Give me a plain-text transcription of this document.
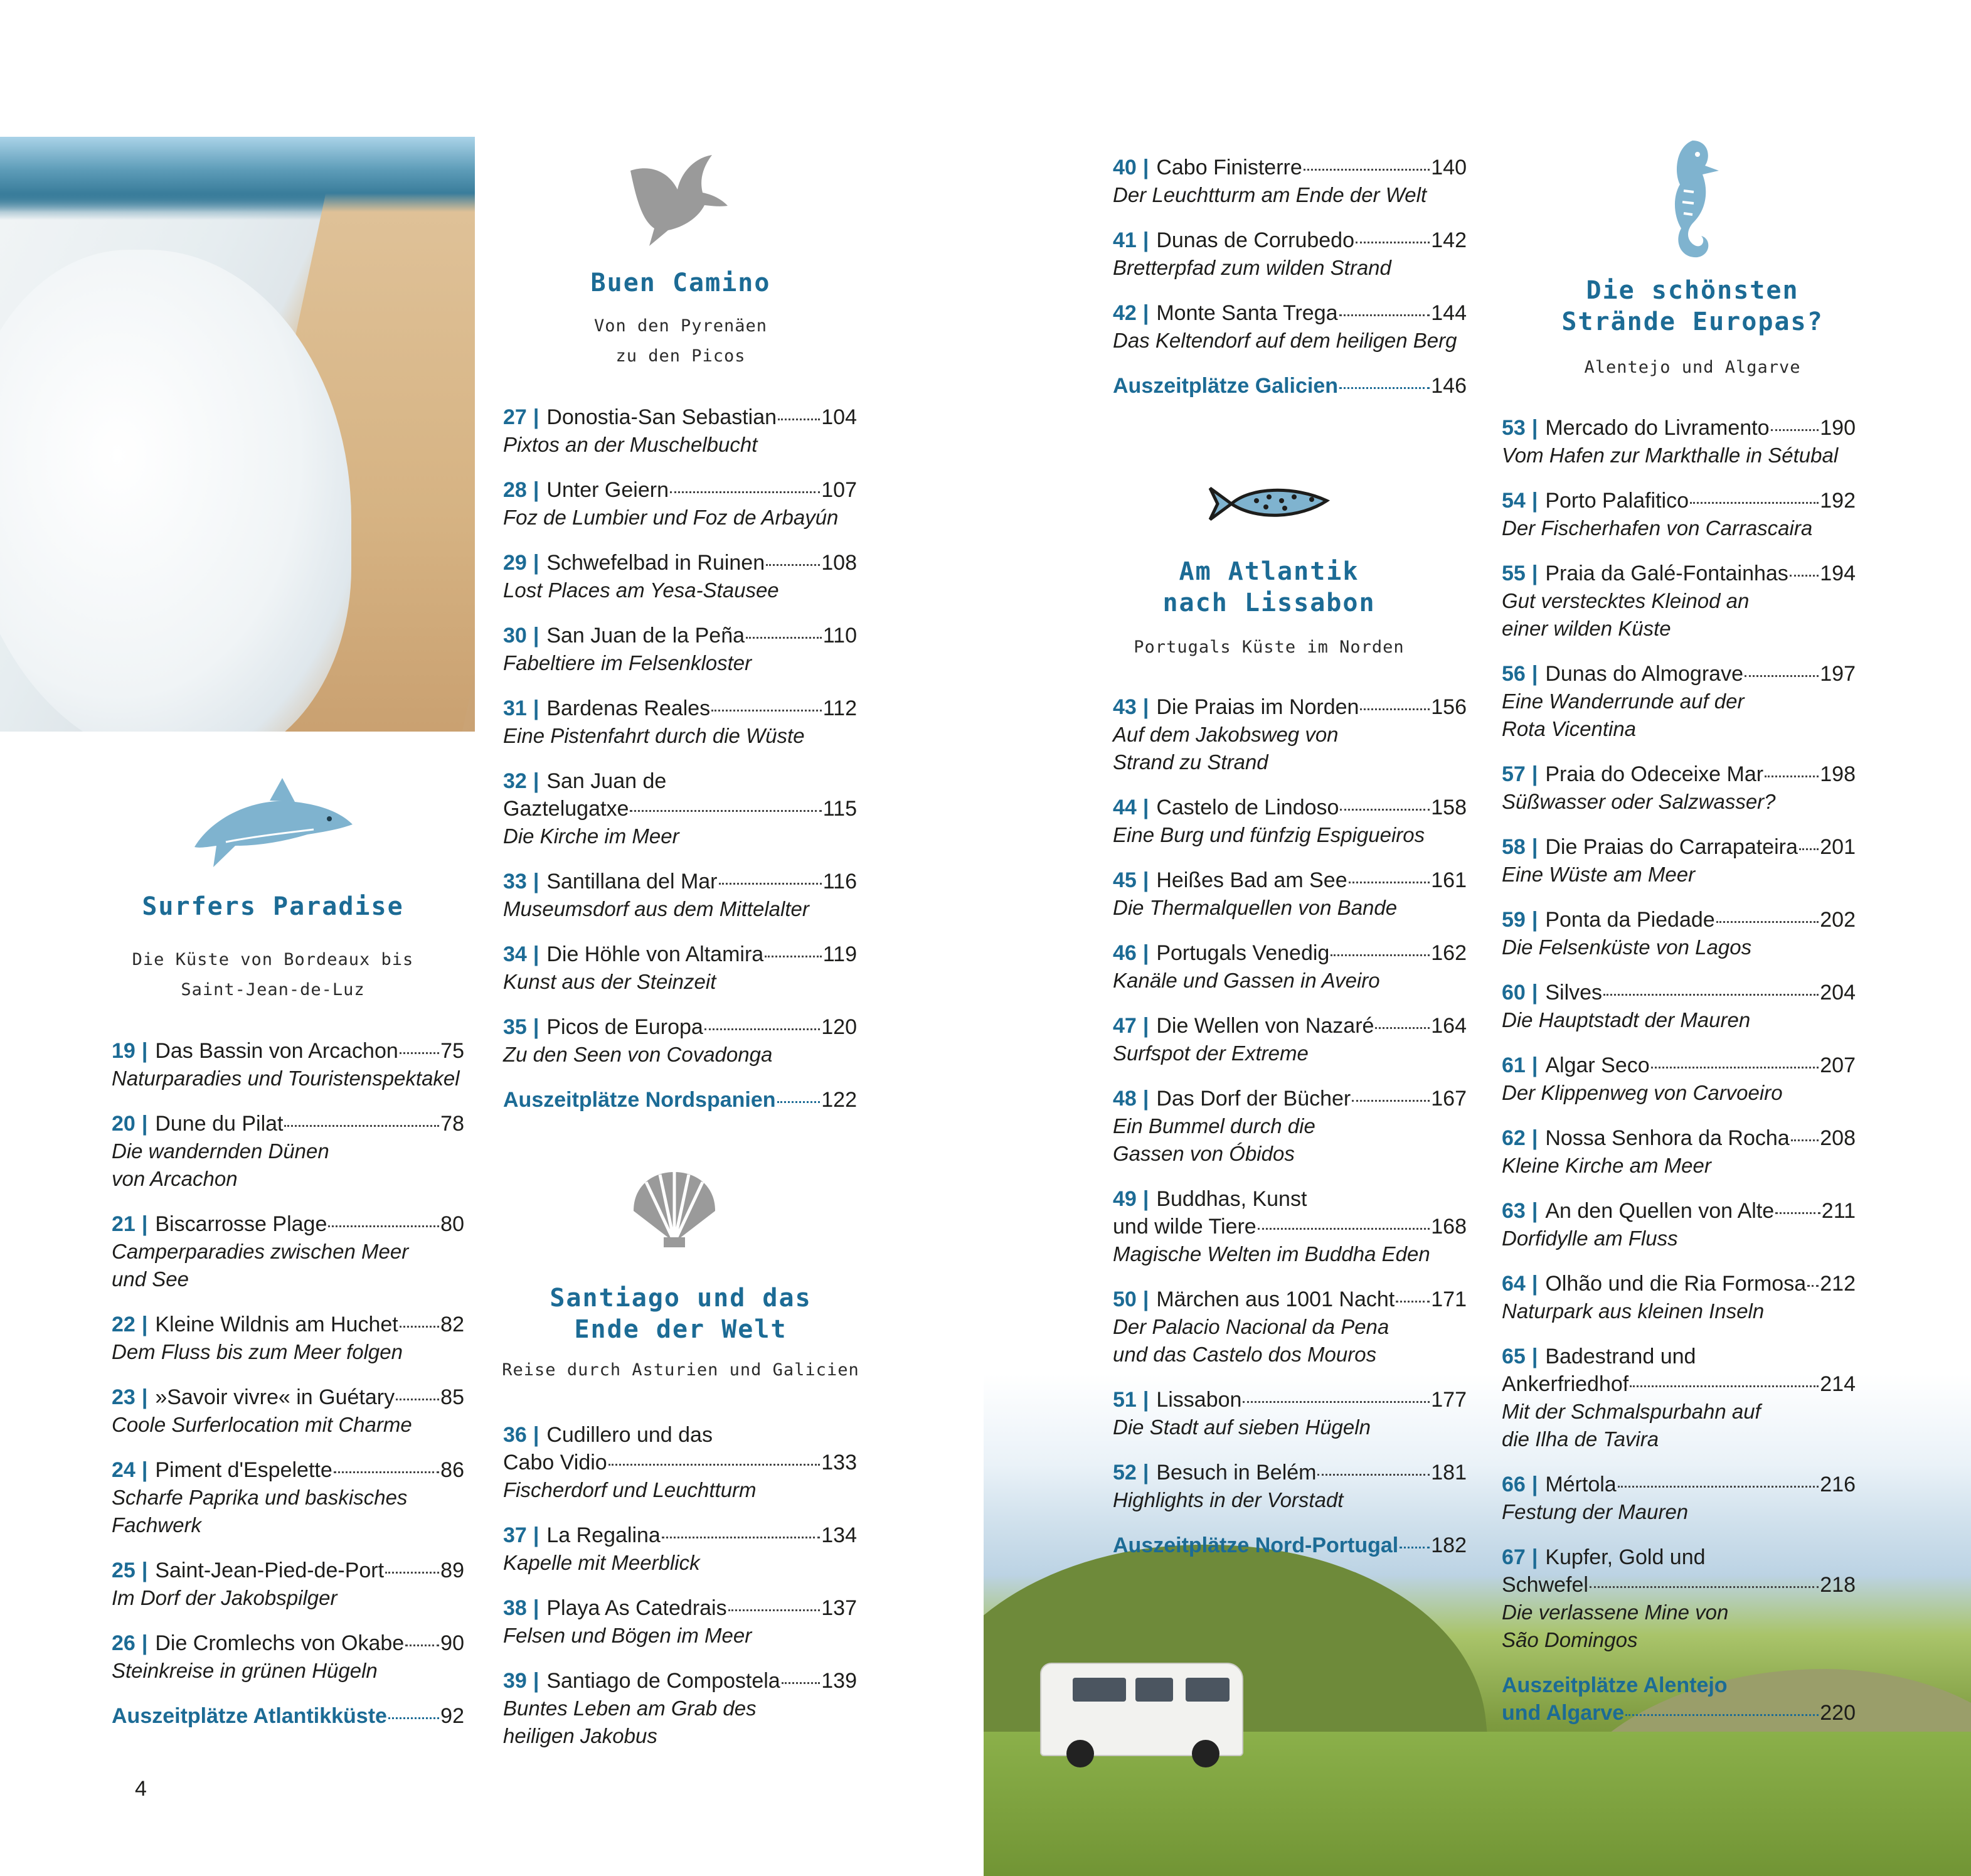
Surfers Paradise
Die Küste von Bordeaux bis
Saint-Jean-de-Luz
19 | Das Bassin von Arcachon 75
Naturparadies und Touristenspektakel
20 | Dune du Pilat	78
Die wandernden Dünen
von Arcachon
21 | Biscarrosse Plage	80
Camperparadies zwischen Meer
und See
22 | Kleine Wildnis am Huchet 82
Dem Fluss bis zum Meer folgen
23 | »Savoir vivre« in Guétary 85
Coole Surferlocation mit Charme
24 | Piment d'Espelette	86
Scharfe Paprika und baskisches
Fachwerk
25 | Saint-Jean-Pied-de-Port	89
Im Dorf der Jakobspilger
26 | Die Cromlechs von Okabe 90
Steinkreise in grünen Hügeln
Auszeitplätze Atlantikküste	92
Buen Camino
Von den Pyrenäen
zu den Picos
27 | Donostia-San Sebastian 104
Pixtos an der Muschelbucht
28 | Unter Geiern	107
Foz de Lumbier und Foz de Arbayún
29 | Schwefelbad in Ruinen	108
Lost Places am Yesa-Stausee
30 | San Juan de la Peña	110
Fabeltiere im Felsenkloster
31 | Bardenas Reales	112
Eine Pistenfahrt durch die Wüste
32 | San Juan de
Gaztelugatxe	115
Die Kirche im Meer
33 | Santillana del Mar	116
Museumsdorf aus dem Mittelalter
34 | Die Höhle von Altamira	119
Kunst aus der Steinzeit
35 | Picos de Europa	120
Zu den Seen von Covadonga
Auszeitplätze Nordspanien 122
Santiago und das
Ende der Welt
Reise durch Asturien und Galicien
36 | Cudillero und das
Cabo Vidio	133
Fischerdorf und Leuchtturm
37 | La Regalina	134
Kapelle mit Meerblick
38 | Playa As Catedrais	137
Felsen und Bögen im Meer
39 | Santiago de Compostela 139
Buntes Leben am Grab des
heiligen Jakobus
4
40 | Cabo Finisterre	140
Der Leuchtturm am Ende der Welt
41 | Dunas de Corrubedo	142
Bretterpfad zum wilden Strand
42 | Monte Santa Trega	144
Das Keltendorf auf dem heiligen Berg
Auszeitplätze Galicien	146
Am Atlantik
nach Lissabon
Portugals Küste im Norden
43 | Die Praias im Norden	156
Auf dem Jakobsweg von
Strand zu Strand
44 | Castelo de Lindoso	158
Eine Burg und fünfzig Espigueiros
45 | Heißes Bad am See	161
Die Thermalquellen von Bande
46 | Portugals Venedig	162
Kanäle und Gassen in Aveiro
47 | Die Wellen von Nazaré	164
Surfspot der Extreme
48 | Das Dorf der Bücher	167
Ein Bummel durch die
Gassen von Óbidos
49 | Buddhas, Kunst
und wilde Tiere	168
Magische Welten im Buddha Eden
50 | Märchen aus 1001 Nacht 171
Der Palacio Nacional da Pena
und das Castelo dos Mouros
51 | Lissabon	177
Die Stadt auf sieben Hügeln
52 | Besuch in Belém	181
Highlights in der Vorstadt
Auszeitplätze Nord-Portugal 182
Die schönsten
Strände Europas?
Alentejo und Algarve
53 | Mercado do Livramento 190
Vom Hafen zur Markthalle in Sétubal
54 | Porto Palafitico	192
Der Fischerhafen von Carrascaira
55 | Praia da Galé-Fontainhas 194
Gut verstecktes Kleinod an
einer wilden Küste
56 | Dunas do Almograve	197
Eine Wanderrunde auf der
Rota Vicentina
57 | Praia do Odeceixe Mar	198
Süßwasser oder Salzwasser?
58 | Die Praias do Carrapateira 201
Eine Wüste am Meer
59 | Ponta da Piedade	202
Die Felsenküste von Lagos
60 | Silves	204
Die Hauptstadt der Mauren
61 | Algar Seco	207
Der Klippenweg von Carvoeiro
62 | Nossa Senhora da Rocha 208
Kleine Kirche am Meer
63 | An den Quellen von Alte 211
Dorfidylle am Fluss
64 | Olhão und die Ria Formosa 212
Naturpark aus kleinen Inseln
65 | Badestrand und
Ankerfriedhof	214
Mit der Schmalspurbahn auf
die Ilha de Tavira
66 | Mértola	216
Festung der Mauren
67 | Kupfer, Gold und
Schwefel	218
Die verlassene Mine von
São Domingos
Auszeitplätze Alentejo
und Algarve	220
